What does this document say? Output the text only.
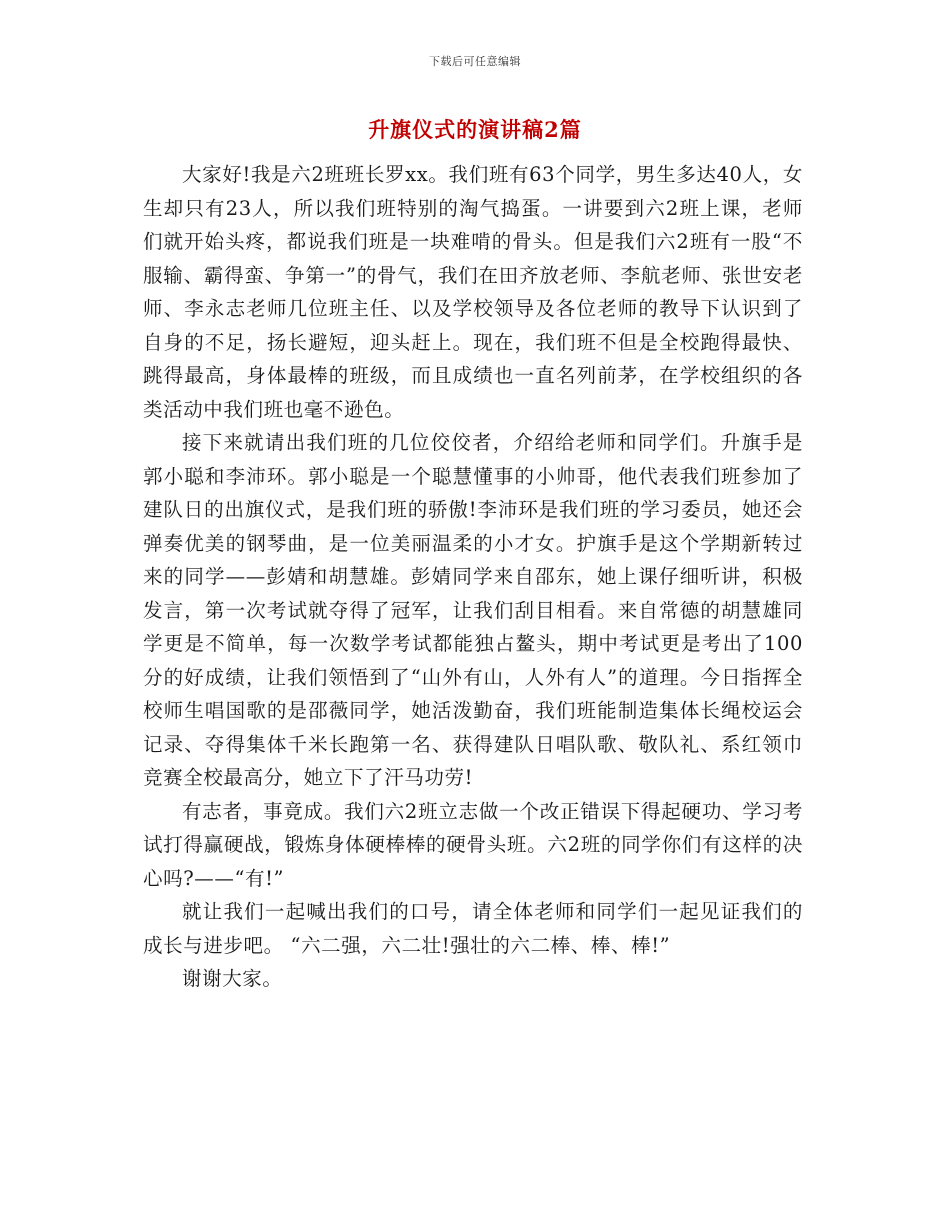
下载后可任意编辑
升旗仪式的演讲稿2篇

大家好!我是六2班班长罗xx。我们班有63个同学，男生多达40人，女生却只有23人，所以我们班特别的淘气捣蛋。一讲要到六2班上课，老师们就开始头疼，都说我们班是一块难啃的骨头。但是我们六2班有一股“不服输、霸得蛮、争第一”的骨气，我们在田齐放老师、李航老师、张世安老师、李永志老师几位班主任、以及学校领导及各位老师的教导下认识到了自身的不足，扬长避短，迎头赶上。现在，我们班不但是全校跑得最快、跳得最高，身体最棒的班级，而且成绩也一直名列前茅，在学校组织的各类活动中我们班也毫不逊色。

接下来就请出我们班的几位佼佼者，介绍给老师和同学们。升旗手是郭小聪和李沛环。郭小聪是一个聪慧懂事的小帅哥，他代表我们班参加了建队日的出旗仪式，是我们班的骄傲!李沛环是我们班的学习委员，她还会弹奏优美的钢琴曲，是一位美丽温柔的小才女。护旗手是这个学期新转过来的同学——彭婧和胡慧雄。彭婧同学来自邵东，她上课仔细听讲，积极发言，第一次考试就夺得了冠军，让我们刮目相看。来自常德的胡慧雄同学更是不简单，每一次数学考试都能独占鳌头，期中考试更是考出了100分的好成绩，让我们领悟到了“山外有山，人外有人”的道理。今日指挥全校师生唱国歌的是邵薇同学，她活泼勤奋，我们班能制造集体长绳校运会记录、夺得集体千米长跑第一名、获得建队日唱队歌、敬队礼、系红领巾竞赛全校最高分，她立下了汗马功劳!

有志者，事竟成。我们六2班立志做一个改正错误下得起硬功、学习考试打得赢硬战，锻炼身体硬棒棒的硬骨头班。六2班的同学你们有这样的决心吗?——“有!”

就让我们一起喊出我们的口号，请全体老师和同学们一起见证我们的成长与进步吧。 “六二强，六二壮!强壮的六二棒、棒、棒!”

谢谢大家。
